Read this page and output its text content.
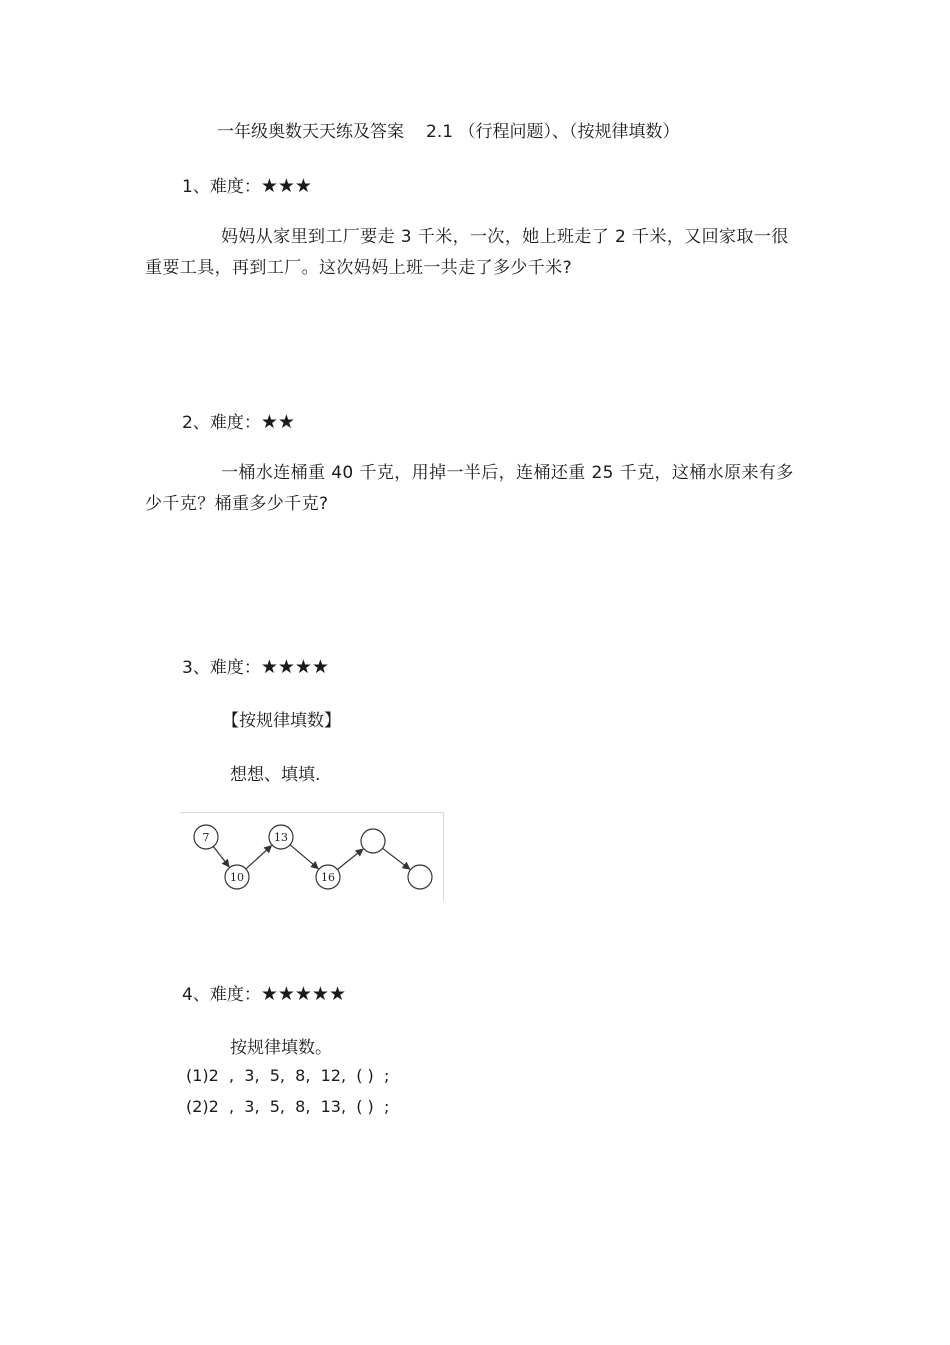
一年级奥数天天练及答案 2.1 （行程问题）、（按规律填数）
1、难度：★★★
妈妈从家里到工厂要走 3 千米，一次，她上班走了 2 千米，又回家取一很重要工具，再到工厂。这次妈妈上班一共走了多少千米?
2、难度：★★
一桶水连桶重 40 千克，用掉一半后，连桶还重 25 千克，这桶水原来有多少千克？桶重多少千克?
3、难度：★★★★
【按规律填数】
想想、填填.
7
10
13
16
4、难度：★★★★★
按规律填数。
(1)2  ,  3,  5,  8,  12,  ( )  ;
(2)2  ,  3,  5,  8,  13,  ( )  ;
